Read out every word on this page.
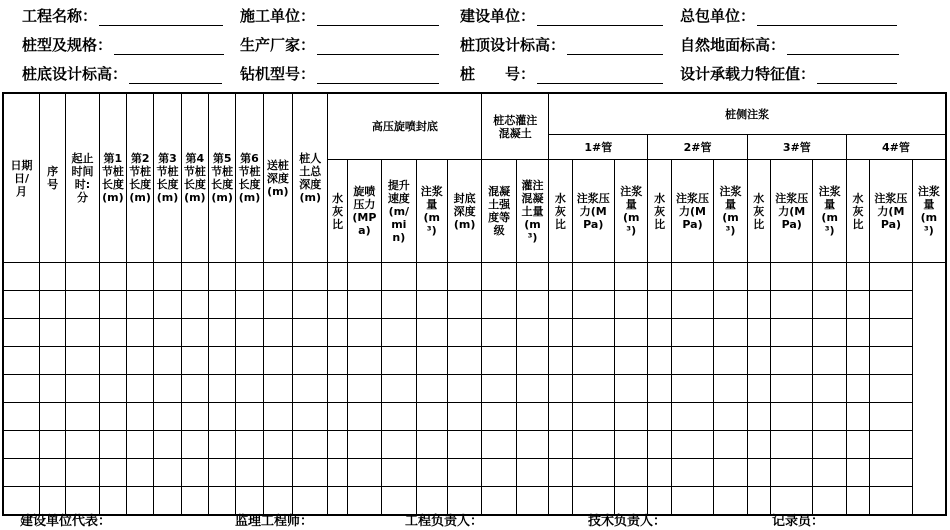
工程名称：	施工单位：	建设单位：	总包单位：
桩型及规格：	生产厂家：	桩顶设计标高：	自然地面标高：
桩底设计标高：	钻机型号：	桩　　号：	设计承载力特征值：
日期日/月	序号	起止时间时:分	第1节桩长度(m)	第2节桩长度(m)	第3节桩长度(m)	第4节桩长度(m)	第5节桩长度(m)	第6节桩长度(m)	送桩深度(m)	桩人土总深度(m)	高压旋喷封底					桩芯灌注混凝土		桩侧注浆											
																		1#管			2#管			3#管			4#管		
											水灰比	旋喷压力(MPa)	提升速度(m/min)	注浆量(m³)	封底深度(m)	混凝土强度等级	灌注混凝土量(m³)	水灰比	注浆压力(MPa)	注浆量(m³)	水灰比	注浆压力(MPa)	注浆量(m³)	水灰比	注浆压力(MPa)	注浆量(m³)	水灰比	注浆压力(MPa)	注浆量(m³)

建设单位代表：	监理工程师：	工程负责人：	技术负责人：	记录员：
